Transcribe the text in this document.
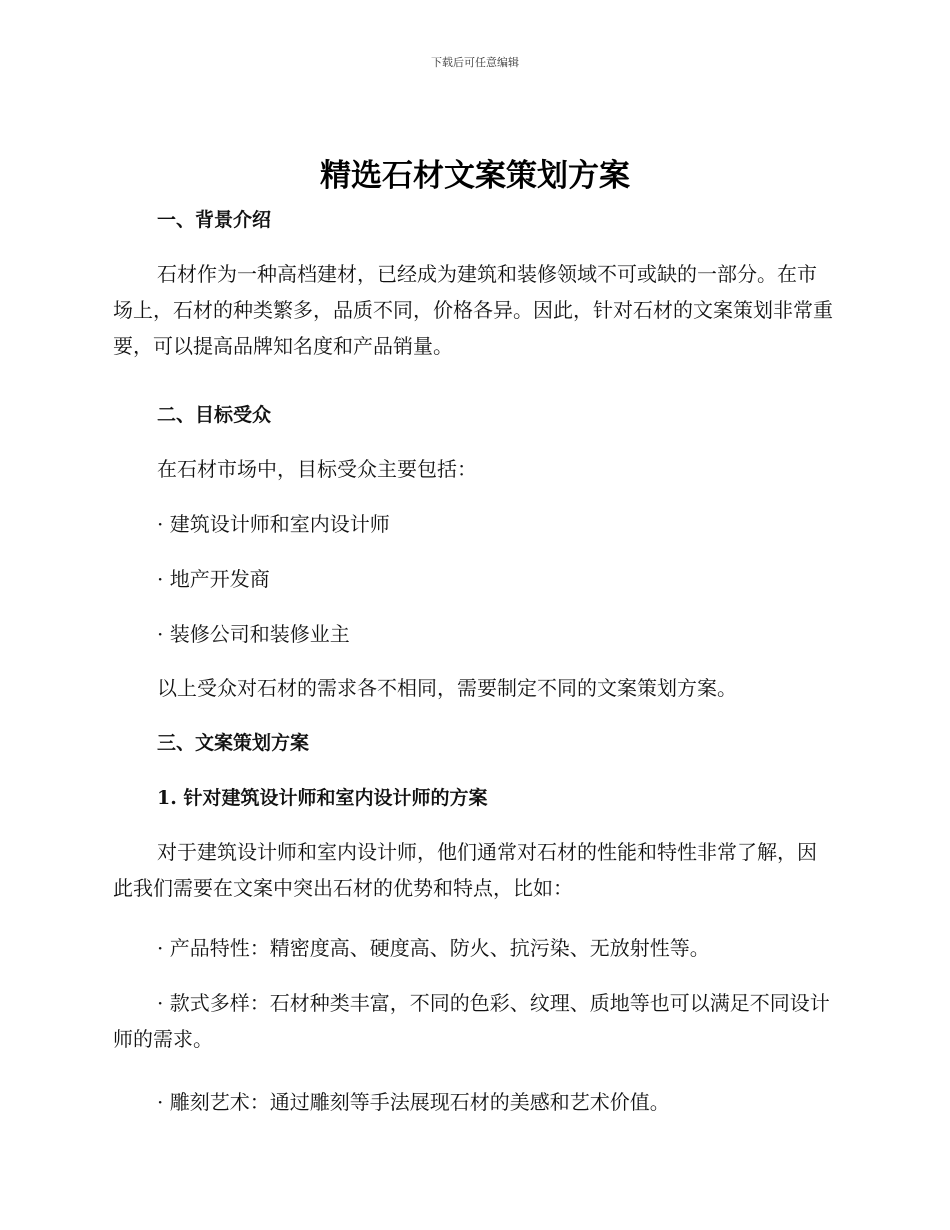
下载后可任意编辑
精选石材文案策划方案

一、背景介绍

石材作为一种高档建材，已经成为建筑和装修领域不可或缺的一部分。在市场上，石材的种类繁多，品质不同，价格各异。因此，针对石材的文案策划非常重要，可以提高品牌知名度和产品销量。

二、目标受众

在石材市场中，目标受众主要包括：

· 建筑设计师和室内设计师

· 地产开发商

· 装修公司和装修业主

以上受众对石材的需求各不相同，需要制定不同的文案策划方案。

三、文案策划方案

1. 针对建筑设计师和室内设计师的方案

对于建筑设计师和室内设计师，他们通常对石材的性能和特性非常了解，因此我们需要在文案中突出石材的优势和特点，比如：

· 产品特性：精密度高、硬度高、防火、抗污染、无放射性等。

· 款式多样：石材种类丰富，不同的色彩、纹理、质地等也可以满足不同设计师的需求。

· 雕刻艺术：通过雕刻等手法展现石材的美感和艺术价值。
